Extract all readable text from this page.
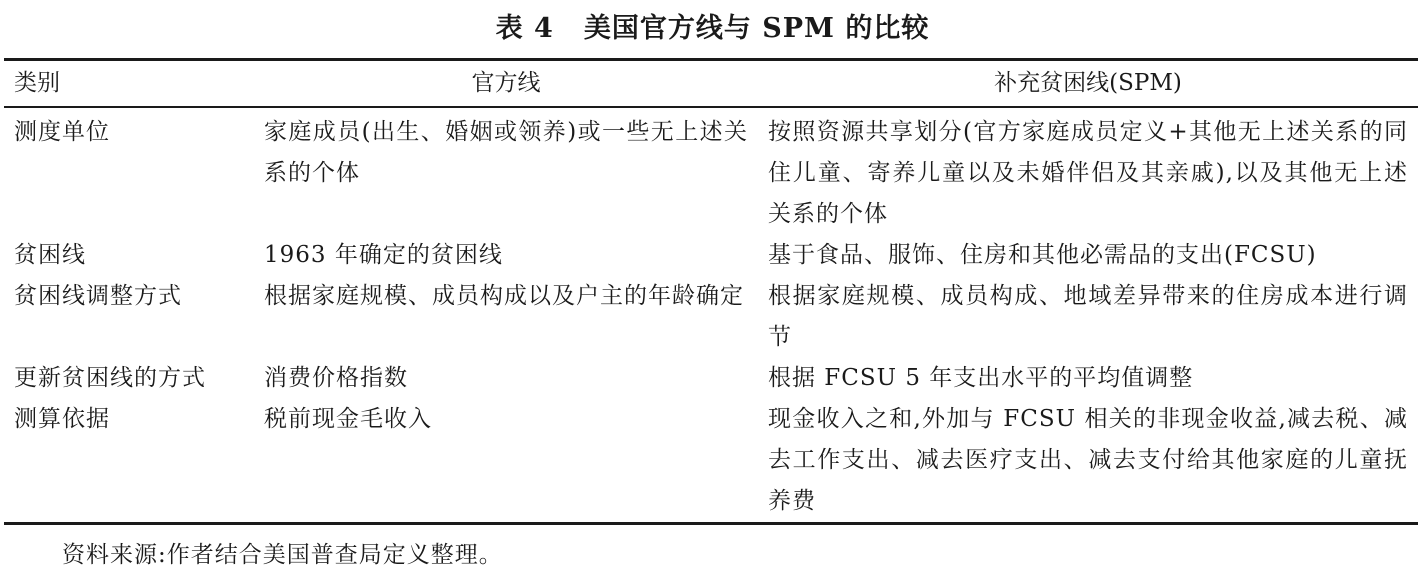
表 4 美国官方线与 SPM 的比较
类别	官方线	补充贫困线(SPM)
测度单位	家庭成员(出生、婚姻或领养)或一些无上述关系的个体	按照资源共享划分(官方家庭成员定义+其他无上述关系的同住儿童、寄养儿童以及未婚伴侣及其亲戚),以及其他无上述关系的个体
贫困线	1963 年确定的贫困线	基于食品、服饰、住房和其他必需品的支出(FCSU)
贫困线调整方式	根据家庭规模、成员构成以及户主的年龄确定	根据家庭规模、成员构成、地域差异带来的住房成本进行调节
更新贫困线的方式	消费价格指数	根据 FCSU 5 年支出水平的平均值调整
测算依据	税前现金毛收入	现金收入之和,外加与 FCSU 相关的非现金收益,减去税、减去工作支出、减去医疗支出、减去支付给其他家庭的儿童抚养费
资料来源:作者结合美国普查局定义整理。
